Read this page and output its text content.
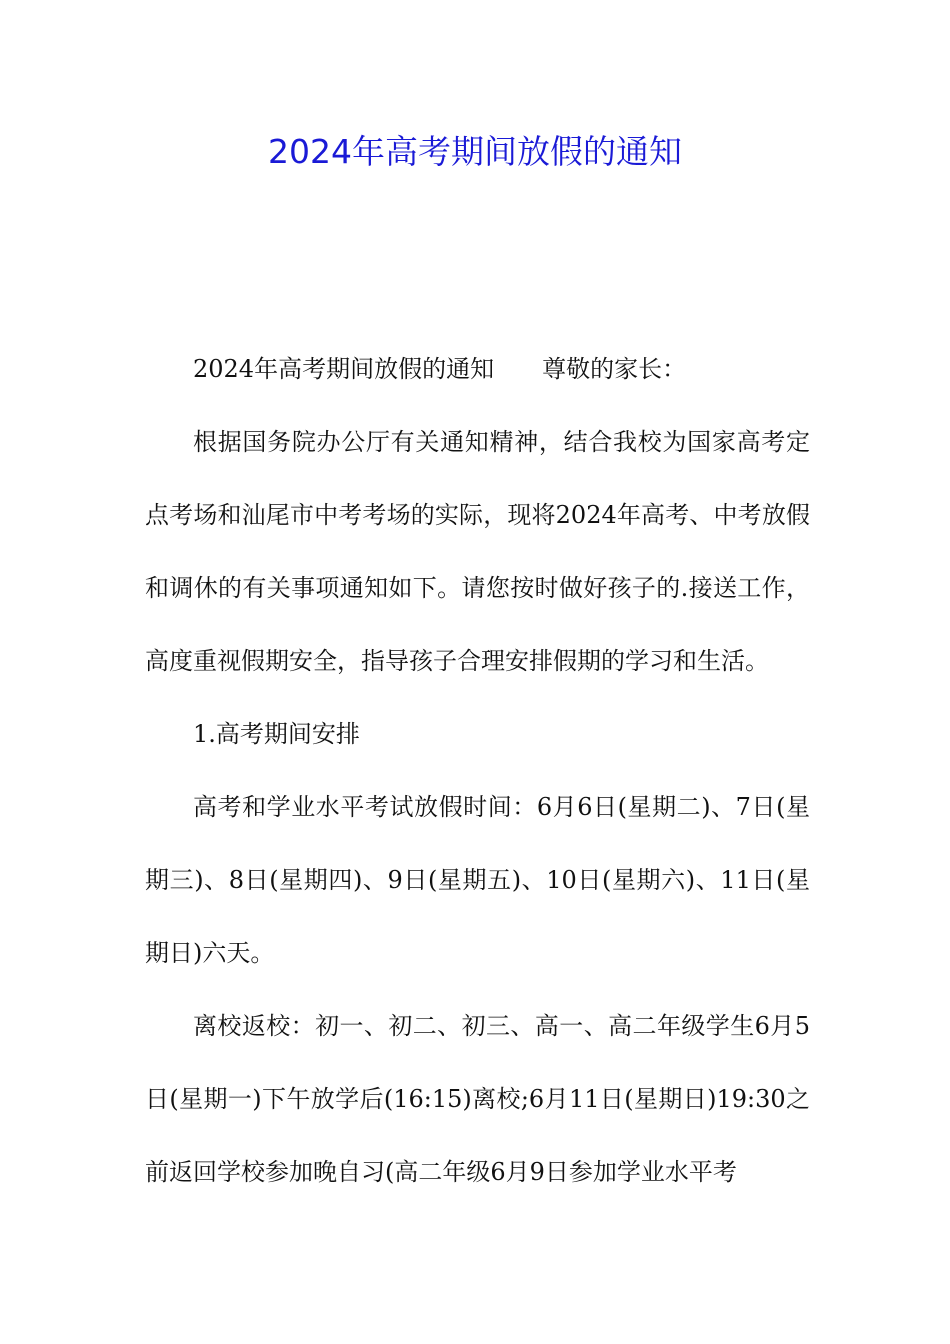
2024年高考期间放假的通知

2024年高考期间放假的通知 尊敬的家长：

根据国务院办公厅有关通知精神，结合我校为国家高考定点考场和汕尾市中考考场的实际，现将2024年高考、中考放假和调休的有关事项通知如下。请您按时做好孩子的.接送工作，高度重视假期安全，指导孩子合理安排假期的学习和生活。

1.高考期间安排

高考和学业水平考试放假时间：6月6日(星期二)、7日(星期三)、8日(星期四)、9日(星期五)、10日(星期六)、11日(星期日)六天。

离校返校：初一、初二、初三、高一、高二年级学生6月5日(星期一)下午放学后(16:15)离校;6月11日(星期日)19:30之前返回学校参加晚自习(高二年级6月9日参加学业水平考
